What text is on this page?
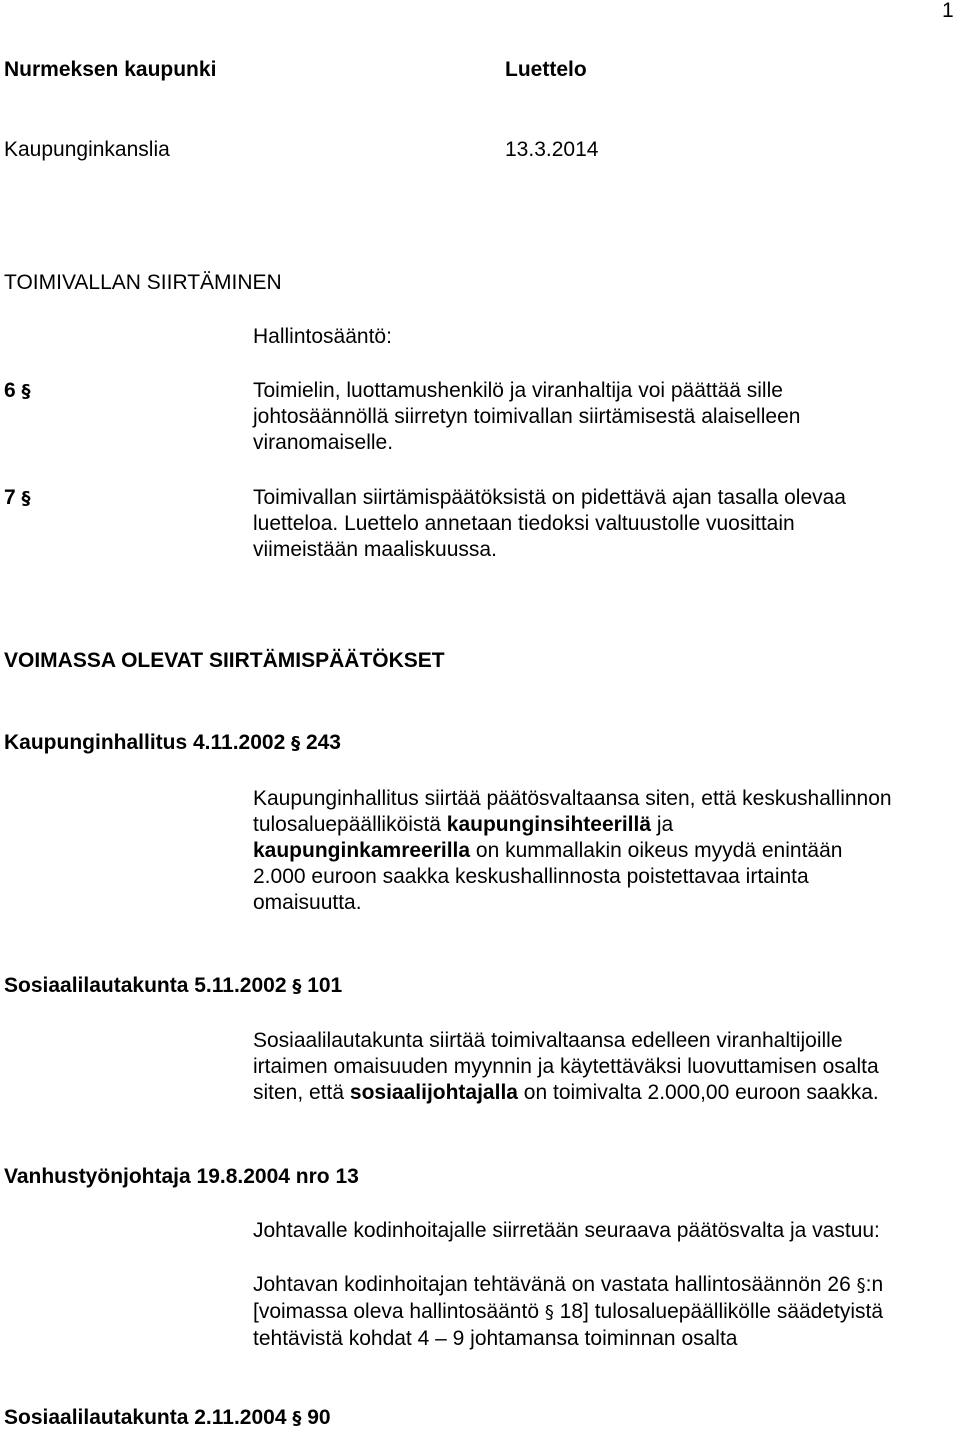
1
Nurmeksen kaupunki	Luettelo
Kaupunginkanslia	13.3.2014
TOIMIVALLAN SIIRTÄMINEN
Hallintosääntö:
6 §	Toimielin, luottamushenkilö ja viranhaltija voi päättää sille
johtosäännöllä siirretyn toimivallan siirtämisestä alaiselleen
viranomaiselle.
7 §	Toimivallan siirtämispäätöksistä on pidettävä ajan tasalla olevaa
luetteloa. Luettelo annetaan tiedoksi valtuustolle vuosittain
viimeistään maaliskuussa.
VOIMASSA OLEVAT SIIRTÄMISPÄÄTÖKSET
Kaupunginhallitus 4.11.2002 § 243
Kaupunginhallitus siirtää päätösvaltaansa siten, että keskushallinnon
tulosaluepäälliköistä kaupunginsihteerillä ja
kaupunginkamreerilla on kummallakin oikeus myydä enintään
2.000 euroon saakka keskushallinnosta poistettavaa irtainta
omaisuutta.
Sosiaalilautakunta 5.11.2002 § 101
Sosiaalilautakunta siirtää toimivaltaansa edelleen viranhaltijoille
irtaimen omaisuuden myynnin ja käytettäväksi luovuttamisen osalta
siten, että sosiaalijohtajalla on toimivalta 2.000,00 euroon saakka.
Vanhustyönjohtaja 19.8.2004 nro 13
Johtavalle kodinhoitajalle siirretään seuraava päätösvalta ja vastuu:
Johtavan kodinhoitajan tehtävänä on vastata hallintosäännön 26 §:n
[voimassa oleva hallintosääntö § 18] tulosaluepäällikölle säädetyistä
tehtävistä kohdat 4 – 9 johtamansa toiminnan osalta
Sosiaalilautakunta 2.11.2004 § 90
